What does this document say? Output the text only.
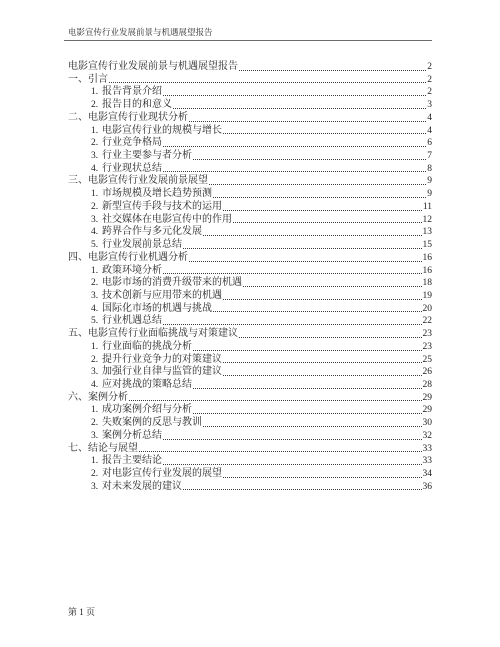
电影宣传行业发展前景与机遇展望报告
电影宣传行业发展前景与机遇展望报告	2
一、引言	2
1. 报告背景介绍	2
2. 报告目的和意义	3
二、电影宣传行业现状分析	4
1. 电影宣传行业的规模与增长	4
2. 行业竞争格局	6
3. 行业主要参与者分析	7
4. 行业现状总结	8
三、电影宣传行业发展前景展望	9
1. 市场规模及增长趋势预测	9
2. 新型宣传手段与技术的运用	11
3. 社交媒体在电影宣传中的作用	12
4. 跨界合作与多元化发展	13
5. 行业发展前景总结	15
四、电影宣传行业机遇分析	16
1. 政策环境分析	16
2. 电影市场的消费升级带来的机遇	18
3. 技术创新与应用带来的机遇	19
4. 国际化市场的机遇与挑战	20
5. 行业机遇总结	22
五、电影宣传行业面临挑战与对策建议	23
1. 行业面临的挑战分析	23
2. 提升行业竞争力的对策建议	25
3. 加强行业自律与监管的建议	26
4. 应对挑战的策略总结	28
六、案例分析	29
1. 成功案例介绍与分析	29
2. 失败案例的反思与教训	30
3. 案例分析总结	32
七、结论与展望	33
1. 报告主要结论	33
2. 对电影宣传行业发展的展望	34
3. 对未来发展的建议	36
第 1 页
